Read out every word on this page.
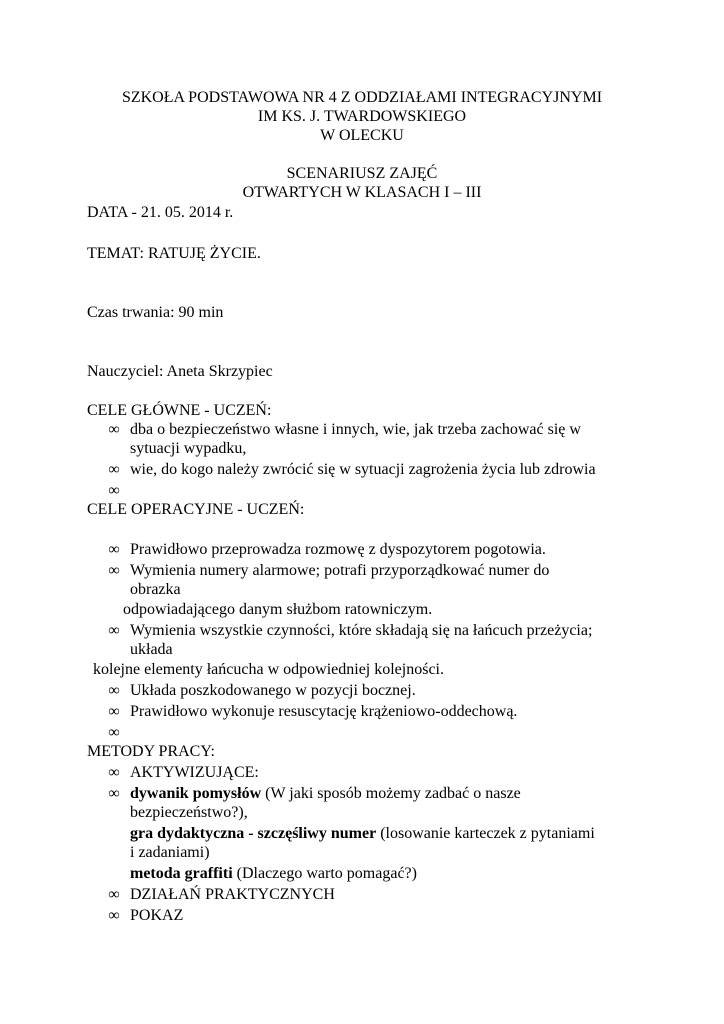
SZKOŁA PODSTAWOWA NR 4 Z ODDZIAŁAMI INTEGRACYJNYMI
IM KS. J. TWARDOWSKIEGO
W OLECKU
SCENARIUSZ ZAJĘĆ
OTWARTYCH W KLASACH I – III
DATA - 21. 05. 2014 r.
TEMAT: RATUJĘ ŻYCIE.
Czas trwania: 90 min
Nauczyciel: Aneta Skrzypiec
CELE GŁÓWNE - UCZEŃ:
∞ dba o bezpieczeństwo własne i innych, wie, jak trzeba zachować się w
sytuacji wypadku,
∞ wie, do kogo należy zwrócić się w sytuacji zagrożenia życia lub zdrowia
∞
CELE OPERACYJNE - UCZEŃ:
∞ Prawidłowo przeprowadza rozmowę z dyspozytorem pogotowia.
∞ Wymienia numery alarmowe; potrafi przyporządkować numer do
obrazka
odpowiadającego danym służbom ratowniczym.
∞ Wymienia wszystkie czynności, które składają się na łańcuch przeżycia;
układa
kolejne elementy łańcucha w odpowiedniej kolejności.
∞ Układa poszkodowanego w pozycji bocznej.
∞ Prawidłowo wykonuje resuscytację krążeniowo-oddechową.
∞
METODY PRACY:
∞ AKTYWIZUJĄCE:
∞ dywanik pomysłów (W jaki sposób możemy zadbać o nasze
bezpieczeństwo?),
gra dydaktyczna - szczęśliwy numer (losowanie karteczek z pytaniami
i zadaniami)
metoda graffiti (Dlaczego warto pomagać?)
∞ DZIAŁAŃ PRAKTYCZNYCH
∞ POKAZ
